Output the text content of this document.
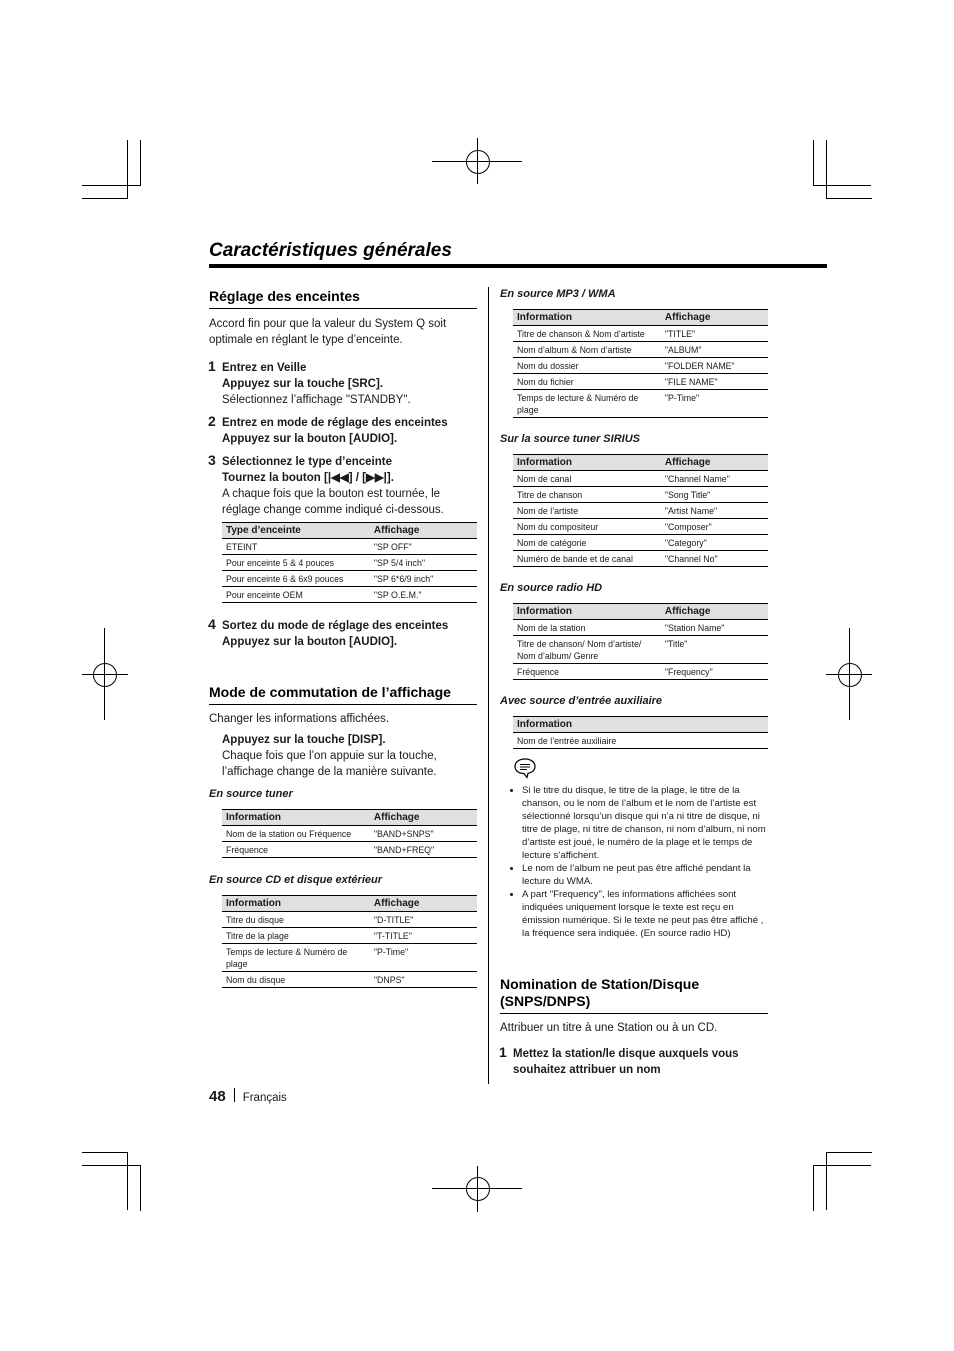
Caractéristiques générales
Réglage des enceintes

Accord fin pour que la valeur du System Q soit optimale en réglant le type d’enceinte.

1 Entrez en Veille
Appuyez sur la touche [SRC].
Sélectionnez l’affichage "STANDBY".
2 Entrez en mode de réglage des enceintes
Appuyez sur la bouton [AUDIO].
3 Sélectionnez le type d’enceinte
Tournez la bouton [|◀◀] / [▶▶|].
A chaque fois que la bouton est tournée, le réglage change comme indiqué ci-dessous.
Type d’enceinte	Affichage
ETEINT	"SP OFF"
Pour enceinte 5 & 4 pouces	"SP 5/4 inch"
Pour enceinte 6 & 6x9 pouces	"SP 6*6/9 inch"
Pour enceinte OEM	"SP O.E.M."
4 Sortez du mode de réglage des enceintes
Appuyez sur la bouton [AUDIO].
Mode de commutation de l’affichage

Changer les informations affichées.

Appuyez sur la touche [DISP].
Chaque fois que l’on appuie sur la touche, l’affichage change de la manière suivante.

En source tuner

Information	Affichage
Nom de la station ou Fréquence	"BAND+SNPS"
Fréquence	"BAND+FREQ"

En source CD et disque extérieur

Information	Affichage
Titre du disque	"D-TITLE"
Titre de la plage	"T-TITLE"
Temps de lecture & Numéro de plage	"P-Time"
Nom du disque	"DNPS"

En source MP3 / WMA

Information	Affichage
Titre de chanson & Nom d’artiste	"TITLE"
Nom d’album & Nom d’artiste	"ALBUM"
Nom du dossier	"FOLDER NAME"
Nom du fichier	"FILE NAME"
Temps de lecture & Numéro de plage	"P-Time"

Sur la source tuner SIRIUS

Information	Affichage
Nom de canal	"Channel Name"
Titre de chanson	"Song Title"
Nom de l’artiste	"Artist Name"
Nom du compositeur	"Composer"
Nom de catégorie	"Category"
Numéro de bande et de canal	"Channel No"

En source radio HD

Information	Affichage
Nom de la station	"Station Name"
Titre de chanson/ Nom d’artiste/ Nom d’album/ Genre	"Title"
Fréquence	"Frequency"

Avec source d’entrée auxiliaire

Information
Nom de l’entrée auxiliaire
• Si le titre du disque, le titre de la plage, le titre de la chanson, ou le nom de l’album et le nom de l’artiste est sélectionné lorsqu’un disque qui n’a ni titre de disque, ni titre de plage, ni titre de chanson, ni nom d’album, ni nom d’artiste est joué, le numéro de la plage et le temps de lecture s’affichent.
• Le nom de l’album ne peut pas être affiché pendant la lecture du WMA.
• A part "Frequency", les informations affichées sont indiquées uniquement lorsque le texte est reçu en émission numérique. Si le texte ne peut pas être affiché , la fréquence sera indiquée. (En source radio HD)
Nomination de Station/Disque (SNPS/DNPS)

Attribuer un titre à une Station ou à un CD.

1 Mettez la station/le disque auxquels vous souhaitez attribuer un nom
48 Français
